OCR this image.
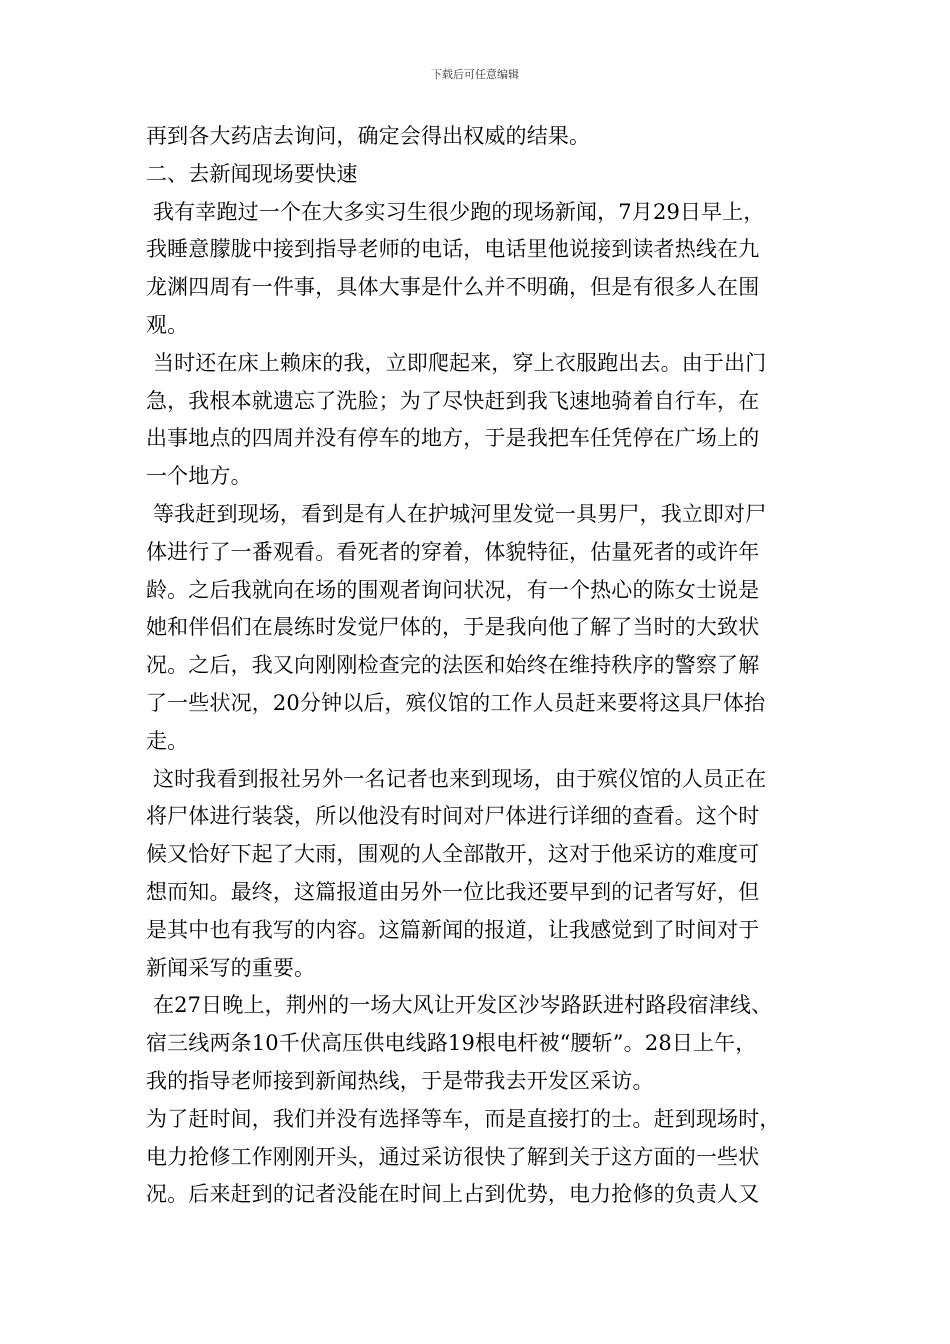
下载后可任意编辑
再到各大药店去询问，确定会得出权威的结果。
二、去新闻现场要快速
我有幸跑过一个在大多实习生很少跑的现场新闻，7月29日早上，
我睡意朦胧中接到指导老师的电话，电话里他说接到读者热线在九
龙渊四周有一件事，具体大事是什么并不明确，但是有很多人在围
观。
当时还在床上赖床的我，立即爬起来，穿上衣服跑出去。由于出门
急，我根本就遗忘了洗脸；为了尽快赶到我飞速地骑着自行车，在
出事地点的四周并没有停车的地方，于是我把车任凭停在广场上的
一个地方。
等我赶到现场，看到是有人在护城河里发觉一具男尸，我立即对尸
体进行了一番观看。看死者的穿着，体貌特征，估量死者的或许年
龄。之后我就向在场的围观者询问状况，有一个热心的陈女士说是
她和伴侣们在晨练时发觉尸体的，于是我向他了解了当时的大致状
况。之后，我又向刚刚检查完的法医和始终在维持秩序的警察了解
了一些状况，20分钟以后，殡仪馆的工作人员赶来要将这具尸体抬
走。
这时我看到报社另外一名记者也来到现场，由于殡仪馆的人员正在
将尸体进行装袋，所以他没有时间对尸体进行详细的查看。这个时
候又恰好下起了大雨，围观的人全部散开，这对于他采访的难度可
想而知。最终，这篇报道由另外一位比我还要早到的记者写好，但
是其中也有我写的内容。这篇新闻的报道，让我感觉到了时间对于
新闻采写的重要。
在27日晚上，荆州的一场大风让开发区沙岑路跃进村路段宿津线、
宿三线两条10千伏高压供电线路19根电杆被“腰斩”。28日上午，
我的指导老师接到新闻热线，于是带我去开发区采访。
为了赶时间，我们并没有选择等车，而是直接打的士。赶到现场时，
电力抢修工作刚刚开头，通过采访很快了解到关于这方面的一些状
况。后来赶到的记者没能在时间上占到优势，电力抢修的负责人又
